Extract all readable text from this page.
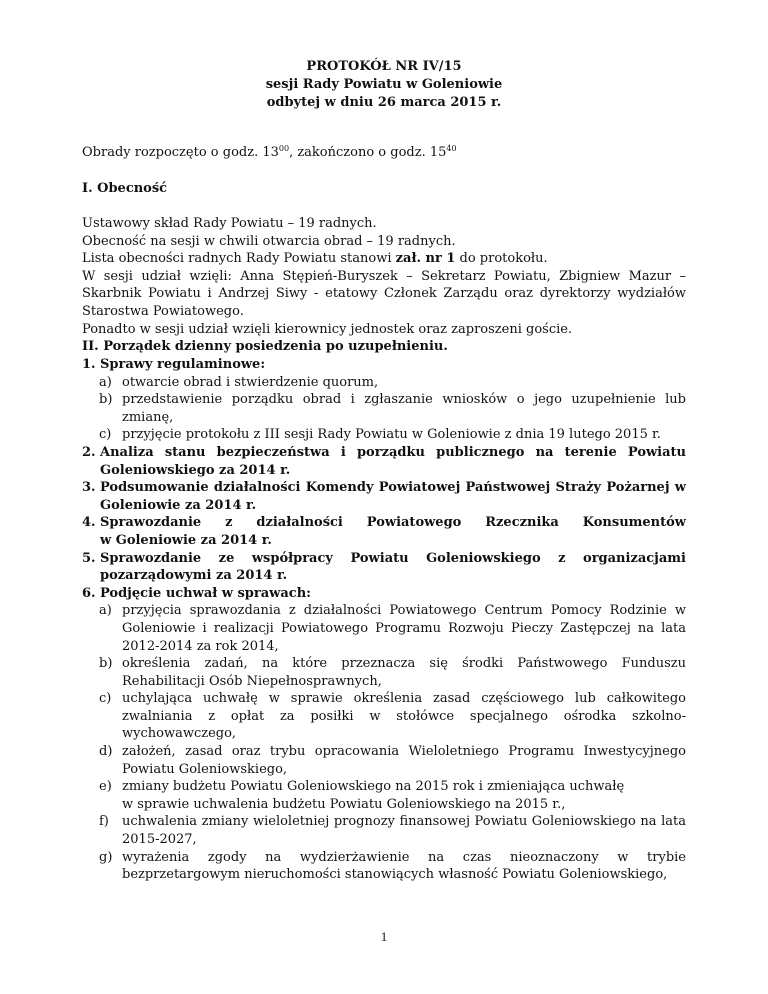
PROTOKÓŁ NR IV/15
sesji Rady Powiatu w Goleniowie
odbytej w dniu 26 marca 2015 r.
Obrady rozpoczęto o godz. $13^{00}$, zakończono o godz. $15^{40}$
I. Obecność
Ustawowy skład Rady Powiatu – 19 radnych.
Obecność na sesji w chwili otwarcia obrad – 19 radnych.
Lista obecności radnych Rady Powiatu stanowi zał. nr 1 do protokołu.
W sesji udział wzięli: Anna Stępień-Buryszek – Sekretarz Powiatu, Zbigniew Mazur – Skarbnik Powiatu i Andrzej Siwy - etatowy Członek Zarządu oraz dyrektorzy wydziałów Starostwa Powiatowego.
Ponadto w sesji udział wzięli kierownicy jednostek oraz zaproszeni goście.
II. Porządek dzienny posiedzenia po uzupełnieniu.
1. Sprawy regulaminowe:
a) otwarcie obrad i stwierdzenie quorum,
b) przedstawienie porządku obrad i zgłaszanie wniosków o jego uzupełnienie lub zmianę,
c) przyjęcie protokołu z III sesji Rady Powiatu w Goleniowie z dnia 19 lutego 2015 r.
2. Analiza stanu bezpieczeństwa i porządku publicznego na terenie Powiatu Goleniowskiego za 2014 r.
3. Podsumowanie działalności Komendy Powiatowej Państwowej Straży Pożarnej w Goleniowie za 2014 r.
4. Sprawozdanie z działalności Powiatowego Rzecznika Konsumentów
w Goleniowie za 2014 r.
5. Sprawozdanie ze współpracy Powiatu Goleniowskiego z organizacjami pozarządowymi za 2014 r.
6. Podjęcie uchwał w sprawach:
a) przyjęcia sprawozdania z działalności Powiatowego Centrum Pomocy Rodzinie w Goleniowie i realizacji Powiatowego Programu Rozwoju Pieczy Zastępczej na lata 2012-2014 za rok 2014,
b) określenia zadań, na które przeznacza się środki Państwowego Funduszu Rehabilitacji Osób Niepełnosprawnych,
c) uchylająca uchwałę w sprawie określenia zasad częściowego lub całkowitego zwalniania z opłat za posiłki w stołówce specjalnego ośrodka szkolno-wychowawczego,
d) założeń, zasad oraz trybu opracowania Wieloletniego Programu Inwestycyjnego Powiatu Goleniowskiego,
e) zmiany budżetu Powiatu Goleniowskiego na 2015 rok i zmieniająca uchwałę
w sprawie uchwalenia budżetu Powiatu Goleniowskiego na 2015 r.,
f) uchwalenia zmiany wieloletniej prognozy finansowej Powiatu Goleniowskiego na lata 2015-2027,
g) wyrażenia zgody na wydzierżawienie na czas nieoznaczony w trybie bezprzetargowym nieruchomości stanowiących własność Powiatu Goleniowskiego,
1
